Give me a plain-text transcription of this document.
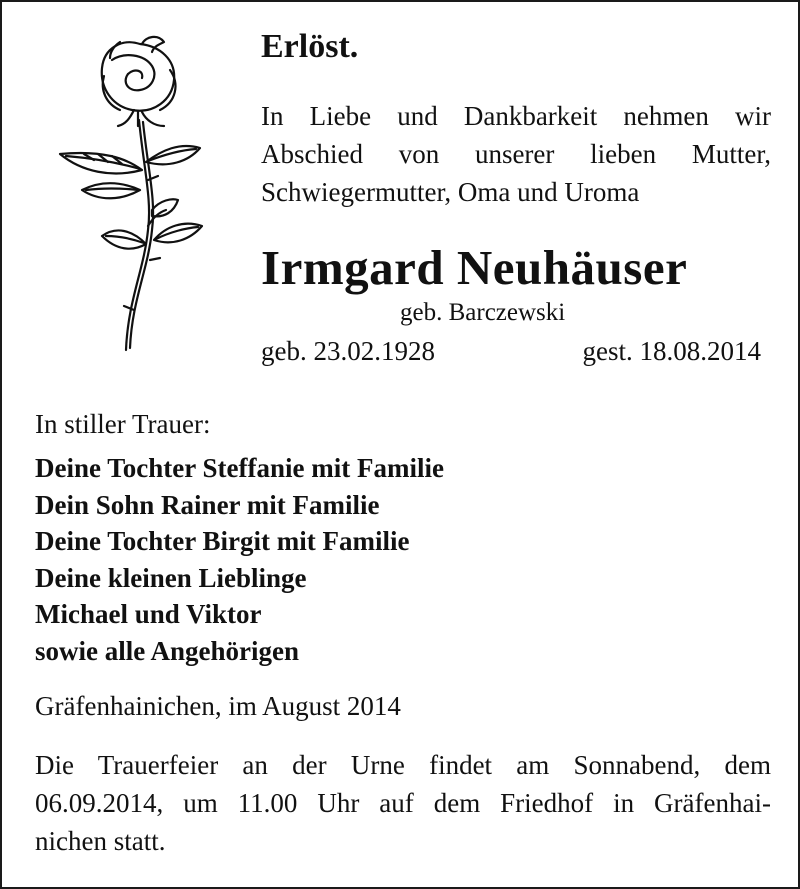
Erlöst.
In Liebe und Dankbarkeit nehmen wir
Abschied von unserer lieben Mutter,
Schwiegermutter, Oma und Uroma
Irmgard Neuhäuser
geb. Barczewski
geb. 23.02.1928	gest. 18.08.2014
In stiller Trauer:
Deine Tochter Steffanie mit Familie
Dein Sohn Rainer mit Familie
Deine Tochter Birgit mit Familie
Deine kleinen Lieblinge
Michael und Viktor
sowie alle Angehörigen
Gräfenhainichen, im August 2014
Die Trauerfeier an der Urne findet am Sonnabend, dem
06.09.2014, um 11.00 Uhr auf dem Friedhof in Gräfenhai-
nichen statt.
